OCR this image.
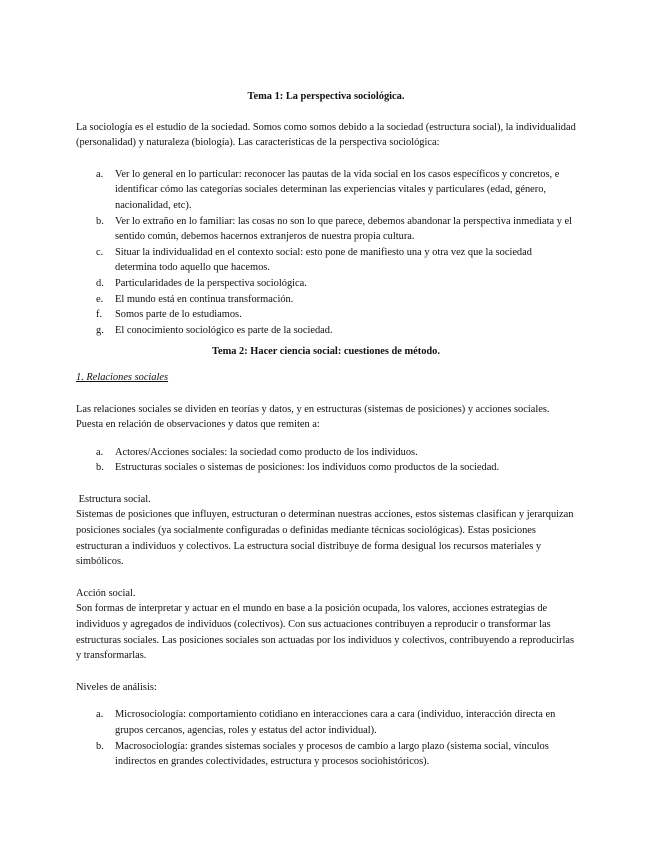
Tema 1: La perspectiva sociológica.

La sociología es el estudio de la sociedad. Somos como somos debido a la sociedad (estructura social), la individualidad (personalidad) y naturaleza (biología). Las características de la perspectiva sociológica:

a. Ver lo general en lo particular: reconocer las pautas de la vida social en los casos específicos y concretos, e identificar cómo las categorías sociales determinan las experiencias vitales y particulares (edad, género, nacionalidad, etc).
b. Ver lo extraño en lo familiar: las cosas no son lo que parece, debemos abandonar la perspectiva inmediata y el sentido común, debemos hacernos extranjeros de nuestra propia cultura.
c. Situar la individualidad en el contexto social: esto pone de manifiesto una y otra vez que la sociedad determina todo aquello que hacemos.
d. Particularidades de la perspectiva sociológica.
e. El mundo está en continua transformación.
f. Somos parte de lo estudiamos.
g. El conocimiento sociológico es parte de la sociedad.

Tema 2: Hacer ciencia social: cuestiones de método.

1. Relaciones sociales

Las relaciones sociales se dividen en teorías y datos, y en estructuras (sistemas de posiciones) y acciones sociales. Puesta en relación de observaciones y datos que remiten a:

a. Actores/Acciones sociales: la sociedad como producto de los individuos.
b. Estructuras sociales o sistemas de posiciones: los individuos como productos de la sociedad.

Estructura social.

Sistemas de posiciones que influyen, estructuran o determinan nuestras acciones, estos sistemas clasifican y jerarquizan posiciones sociales (ya socialmente configuradas o definidas mediante técnicas sociológicas). Estas posiciones estructuran a individuos y colectivos. La estructura social distribuye de forma desigual los recursos materiales y simbólicos.

Acción social.

Son formas de interpretar y actuar en el mundo en base a la posición ocupada, los valores, acciones estrategias de individuos y agregados de individuos (colectivos). Con sus actuaciones contribuyen a reproducir o transformar las estructuras sociales. Las posiciones sociales son actuadas por los individuos y colectivos, contribuyendo a reproducirlas y transformarlas.

Niveles de análisis:

a. Microsociología: comportamiento cotidiano en interacciones cara a cara (individuo, interacción directa en grupos cercanos, agencias, roles y estatus del actor individual).
b. Macrosociología: grandes sistemas sociales y procesos de cambio a largo plazo (sistema social, vínculos indirectos en grandes colectividades, estructura y procesos sociohistóricos).
